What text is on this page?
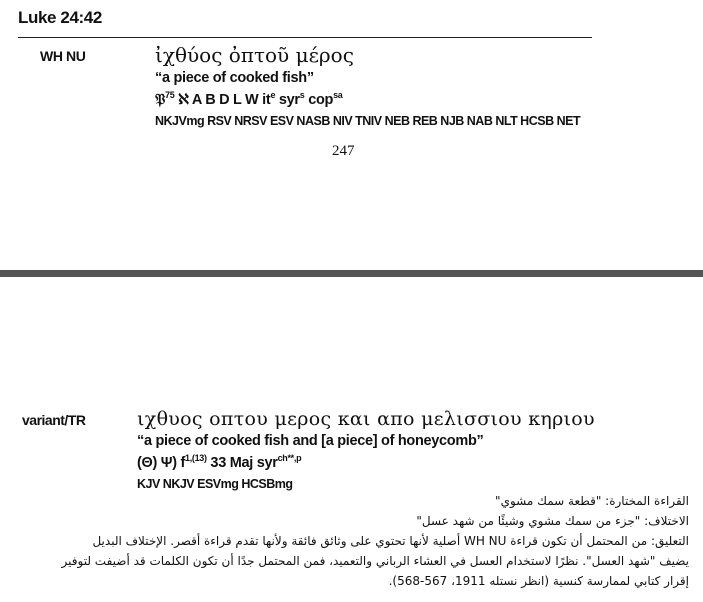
Luke 24:42
WH NU	ἰχθύος ὀπτοῦ μέρος
“a piece of cooked fish”
𝔓$^{75}$ ℵ A B D L W $it^e$ syr$^s$ cop$^{sa}$
NKJVmg RSV NRSV ESV NASB NIV TNIV NEB REB NJB NAB NLT HCSB NET
247
variant/TR	ιχθυος οπτου μερος και απο μελισσιου κηριου
“a piece of cooked fish and [a piece] of honeycomb”
(Θ) Ψ) $f^{1,(13)}$ 33 Maj syr$^{ch**,p}$
KJV NKJV ESVmg HCSBmg
القراءة المختارة: "قطعة سمك مشوي"
الاختلاف: "جزء من سمك مشوي وشيئًا من شهد عسل"
التعليق: من المحتمل أن تكون قراءة WH NU أصلية لأنها تحتوي على وثائق فائقة ولأنها تقدم قراءة أقصر. الإختلاف البديل
يضيف "شهد العسل". نظرًا لاستخدام العسل في العشاء الرباني والتعميد، فمن المحتمل جدًا أن تكون الكلمات قد أضيفت لتوفير
إقرار كتابي لممارسة كنسية (انظر نستله 1911، 567-568).
